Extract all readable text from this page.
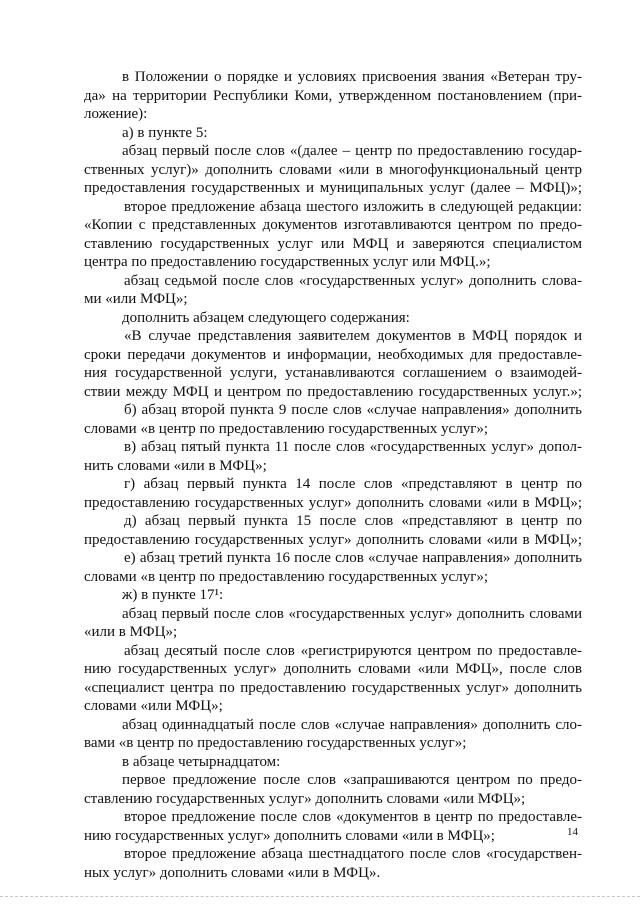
в Положении о порядке и условиях присвоения звания «Ветеран тру-
да» на территории Республики Коми, утвержденном постановлением (при-
ложение):
а) в пункте 5:
абзац первый после слов «(далее – центр по предоставлению государ-
ственных услуг)» дополнить словами «или в многофункциональный центр
предоставления государственных и муниципальных услуг (далее – МФЦ)»;
второе предложение абзаца шестого изложить в следующей редакции:
«Копии с представленных документов изготавливаются центром по предо-
ставлению государственных услуг или МФЦ и заверяются специалистом
центра по предоставлению государственных услуг или МФЦ.»;
абзац седьмой после слов «государственных услуг» дополнить слова-
ми «или МФЦ»;
дополнить абзацем следующего содержания:
«В случае представления заявителем документов в МФЦ порядок и
сроки передачи документов и информации, необходимых для предоставле-
ния государственной услуги, устанавливаются соглашением о взаимодей-
ствии между МФЦ и центром по предоставлению государственных услуг.»;
б) абзац второй пункта 9 после слов «случае направления» дополнить
словами «в центр по предоставлению государственных услуг»;
в) абзац пятый пункта 11 после слов «государственных услуг» допол-
нить словами «или в МФЦ»;
г) абзац первый пункта 14 после слов «представляют в центр по
предоставлению государственных услуг» дополнить словами «или в МФЦ»;
д) абзац первый пункта 15 после слов «представляют в центр по
предоставлению государственных услуг» дополнить словами «или в МФЦ»;
е) абзац третий пункта 16 после слов «случае направления» дополнить
словами «в центр по предоставлению государственных услуг»;
ж) в пункте 17¹:
абзац первый после слов «государственных услуг» дополнить словами
«или в МФЦ»;
абзац десятый после слов «регистрируются центром по предоставле-
нию государственных услуг» дополнить словами «или МФЦ», после слов
«специалист центра по предоставлению государственных услуг» дополнить
словами «или МФЦ»;
абзац одиннадцатый после слов «случае направления» дополнить сло-
вами «в центр по предоставлению государственных услуг»;
в абзаце четырнадцатом:
первое предложение после слов «запрашиваются центром по предо-
ставлению государственных услуг» дополнить словами «или МФЦ»;
второе предложение после слов «документов в центр по предоставле-
нию государственных услуг» дополнить словами «или в МФЦ»;
второе предложение абзаца шестнадцатого после слов «государствен-
ных услуг» дополнить словами «или в МФЦ».
14
